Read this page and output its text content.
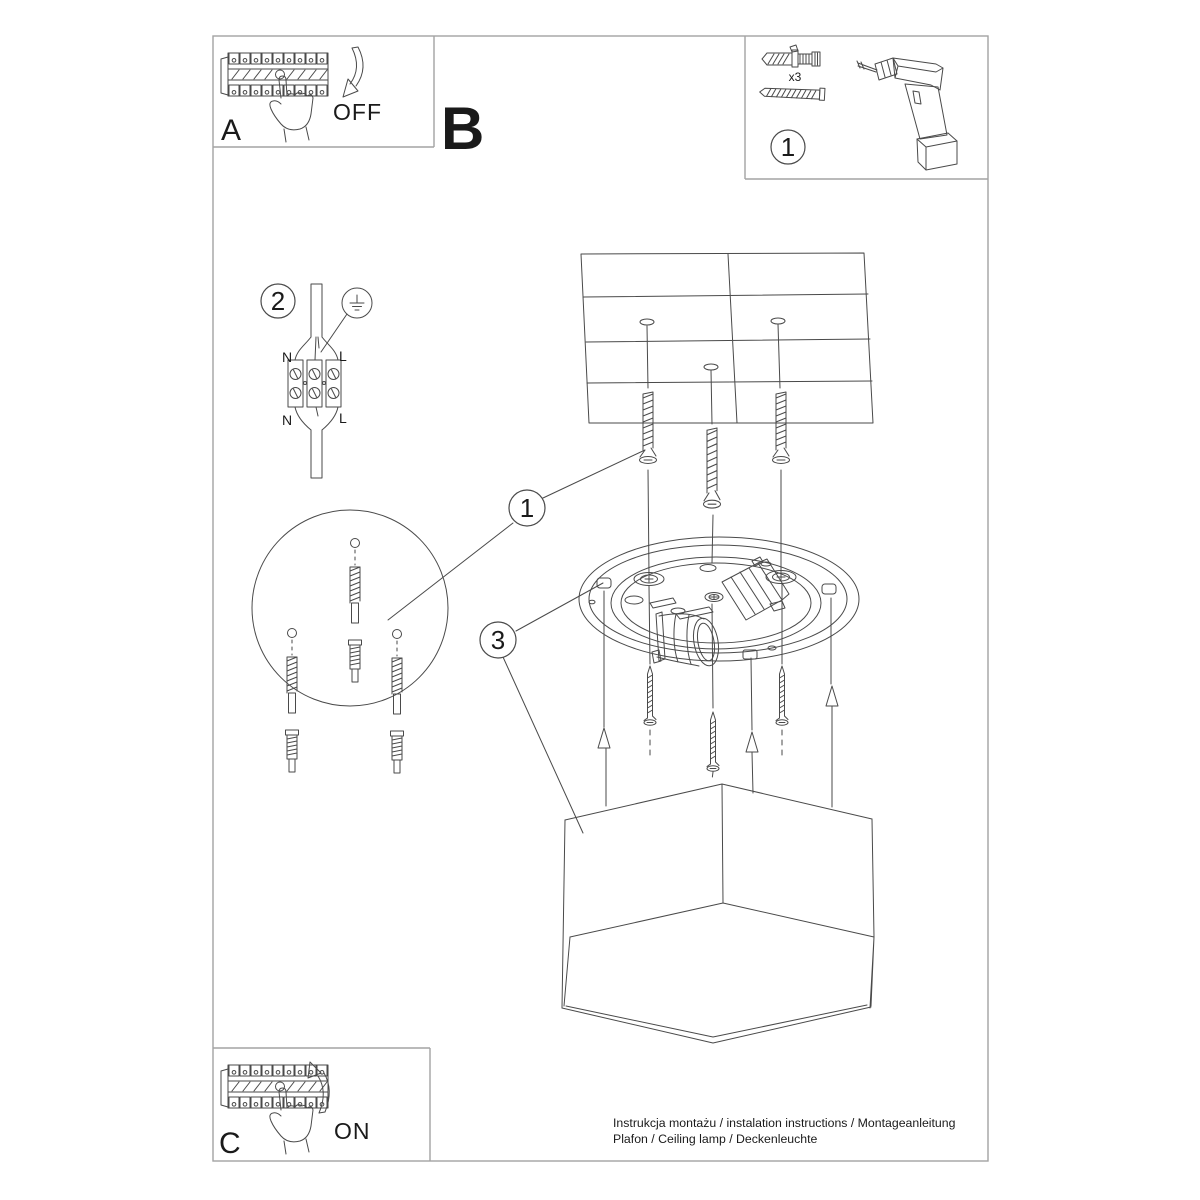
A
OFF B
x3
1
2
N	L
N	L
1
3
C	ON	Instrukcja montażu / instalation instructions / Montageanleitung
Plafon / Ceiling lamp / Deckenleuchte
